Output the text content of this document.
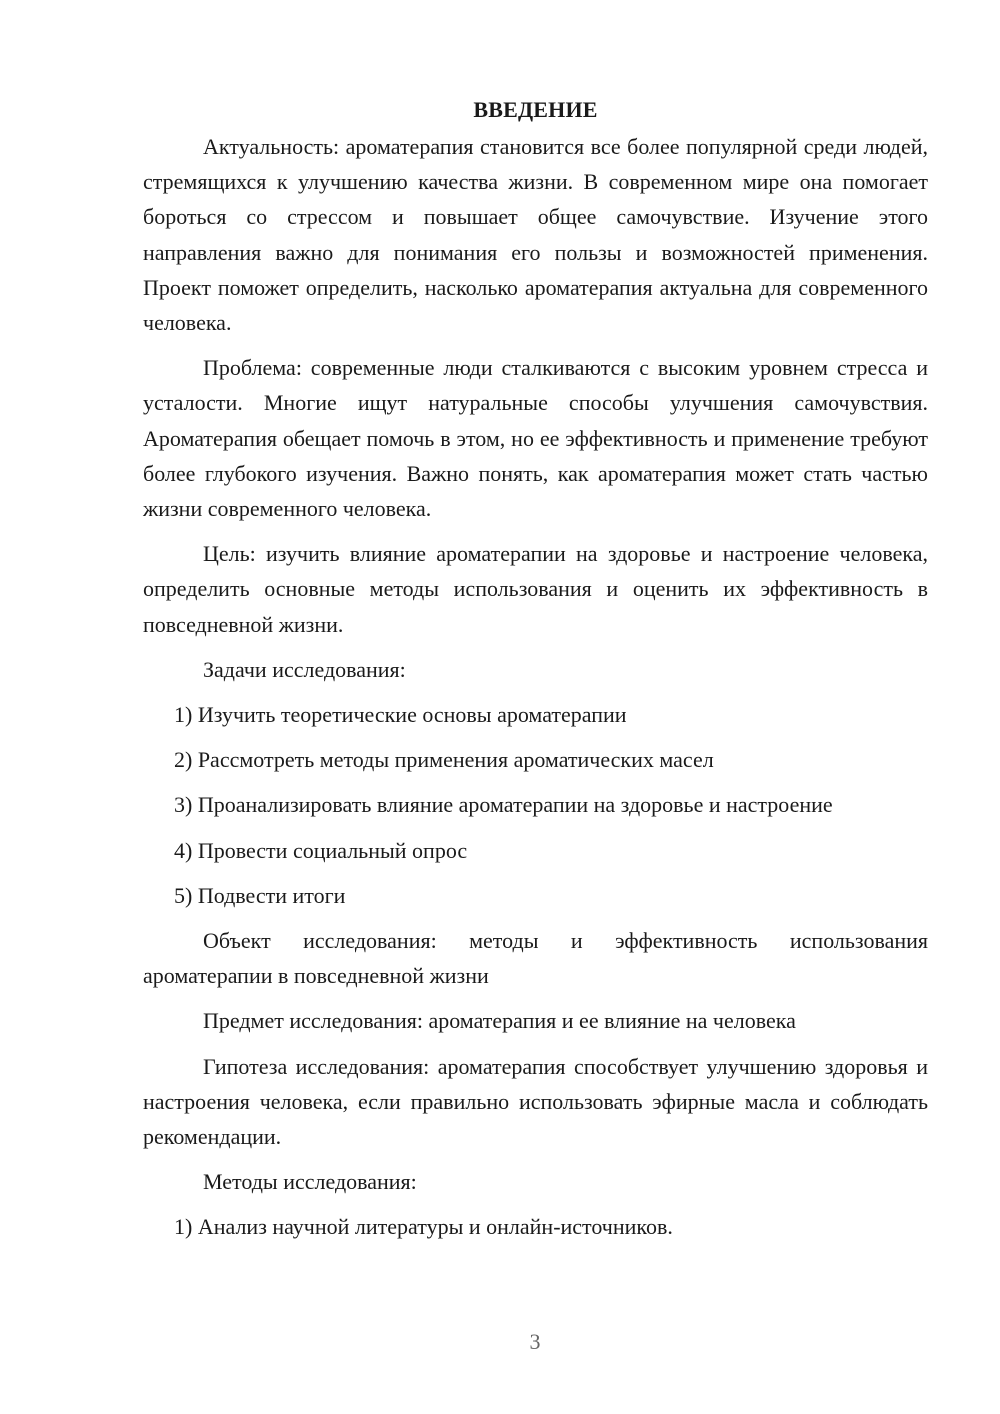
ВВЕДЕНИЕ

Актуальность: ароматерапия становится все более популярной среди людей, стремящихся к улучшению качества жизни. В современном мире она помогает бороться со стрессом и повышает общее самочувствие. Изучение этого направления важно для понимания его пользы и возможностей применения. Проект поможет определить, насколько ароматерапия актуальна для современного человека.

Проблема: современные люди сталкиваются с высоким уровнем стресса и усталости. Многие ищут натуральные способы улучшения самочувствия. Ароматерапия обещает помочь в этом, но ее эффективность и применение требуют более глубокого изучения. Важно понять, как ароматерапия может стать частью жизни современного человека.

Цель: изучить влияние ароматерапии на здоровье и настроение человека, определить основные методы использования и оценить их эффективность в повседневной жизни.

Задачи исследования:

1) Изучить теоретические основы ароматерапии

2) Рассмотреть методы применения ароматических масел

3) Проанализировать влияние ароматерапии на здоровье и настроение

4) Провести социальный опрос

5) Подвести итоги

Объект исследования: методы и эффективность использования ароматерапии в повседневной жизни

Предмет исследования: ароматерапия и ее влияние на человека

Гипотеза исследования: ароматерапия способствует улучшению здоровья и настроения человека, если правильно использовать эфирные масла и соблюдать рекомендации.

Методы исследования:

1) Анализ научной литературы и онлайн-источников.

3
